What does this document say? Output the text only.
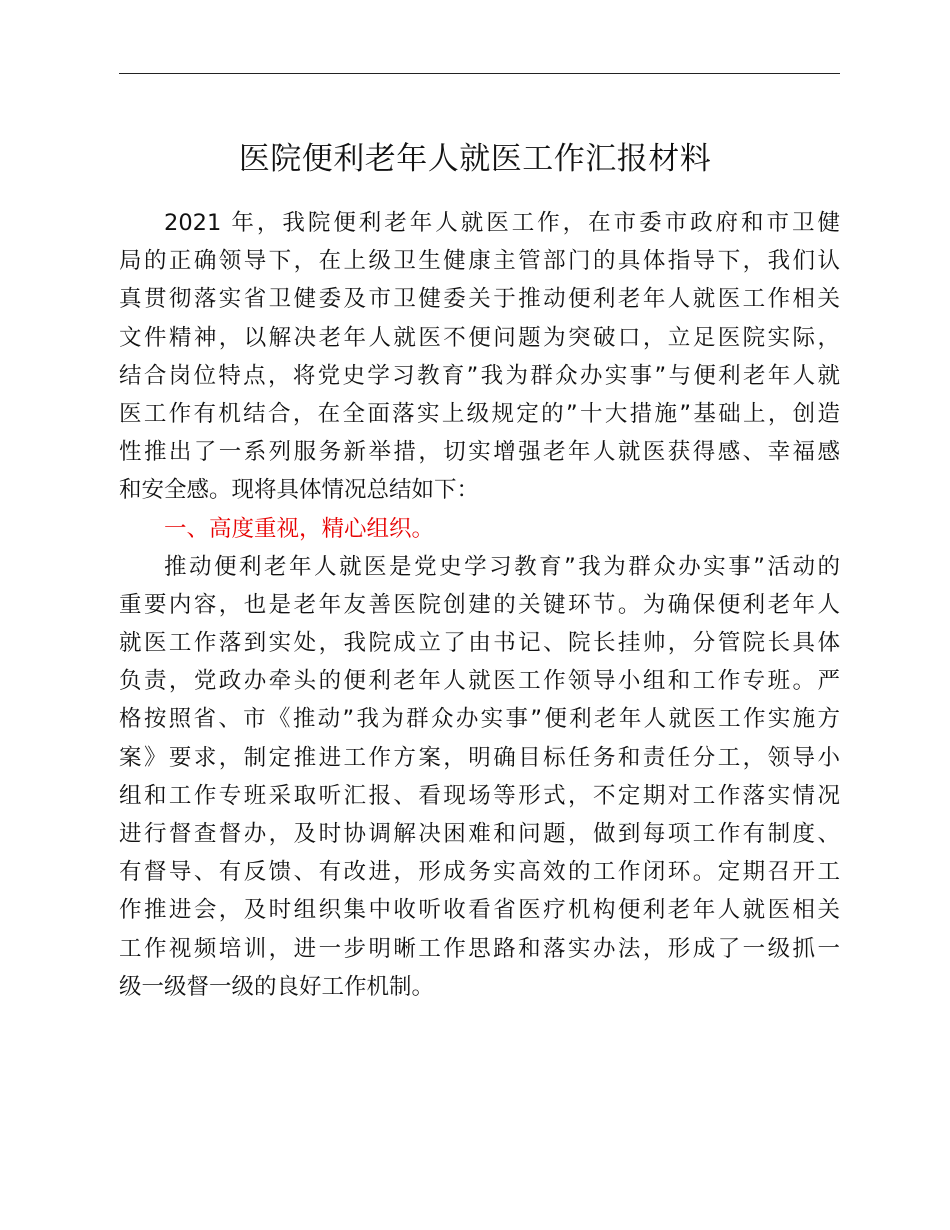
医院便利老年人就医工作汇报材料
2021 年，我院便利老年人就医工作，在市委市政府和市卫健
局的正确领导下，在上级卫生健康主管部门的具体指导下，我们认
真贯彻落实省卫健委及市卫健委关于推动便利老年人就医工作相关
文件精神，以解决老年人就医不便问题为突破口，立足医院实际，
结合岗位特点，将党史学习教育”我为群众办实事”与便利老年人就
医工作有机结合，在全面落实上级规定的”十大措施”基础上，创造
性推出了一系列服务新举措，切实增强老年人就医获得感、幸福感
和安全感。现将具体情况总结如下：
一、高度重视，精心组织。
推动便利老年人就医是党史学习教育”我为群众办实事”活动的
重要内容，也是老年友善医院创建的关键环节。为确保便利老年人
就医工作落到实处，我院成立了由书记、院长挂帅，分管院长具体
负责，党政办牵头的便利老年人就医工作领导小组和工作专班。严
格按照省、市《推动”我为群众办实事”便利老年人就医工作实施方
案》要求，制定推进工作方案，明确目标任务和责任分工，领导小
组和工作专班采取听汇报、看现场等形式，不定期对工作落实情况
进行督查督办，及时协调解决困难和问题，做到每项工作有制度、
有督导、有反馈、有改进，形成务实高效的工作闭环。定期召开工
作推进会，及时组织集中收听收看省医疗机构便利老年人就医相关
工作视频培训，进一步明晰工作思路和落实办法，形成了一级抓一
级一级督一级的良好工作机制。
